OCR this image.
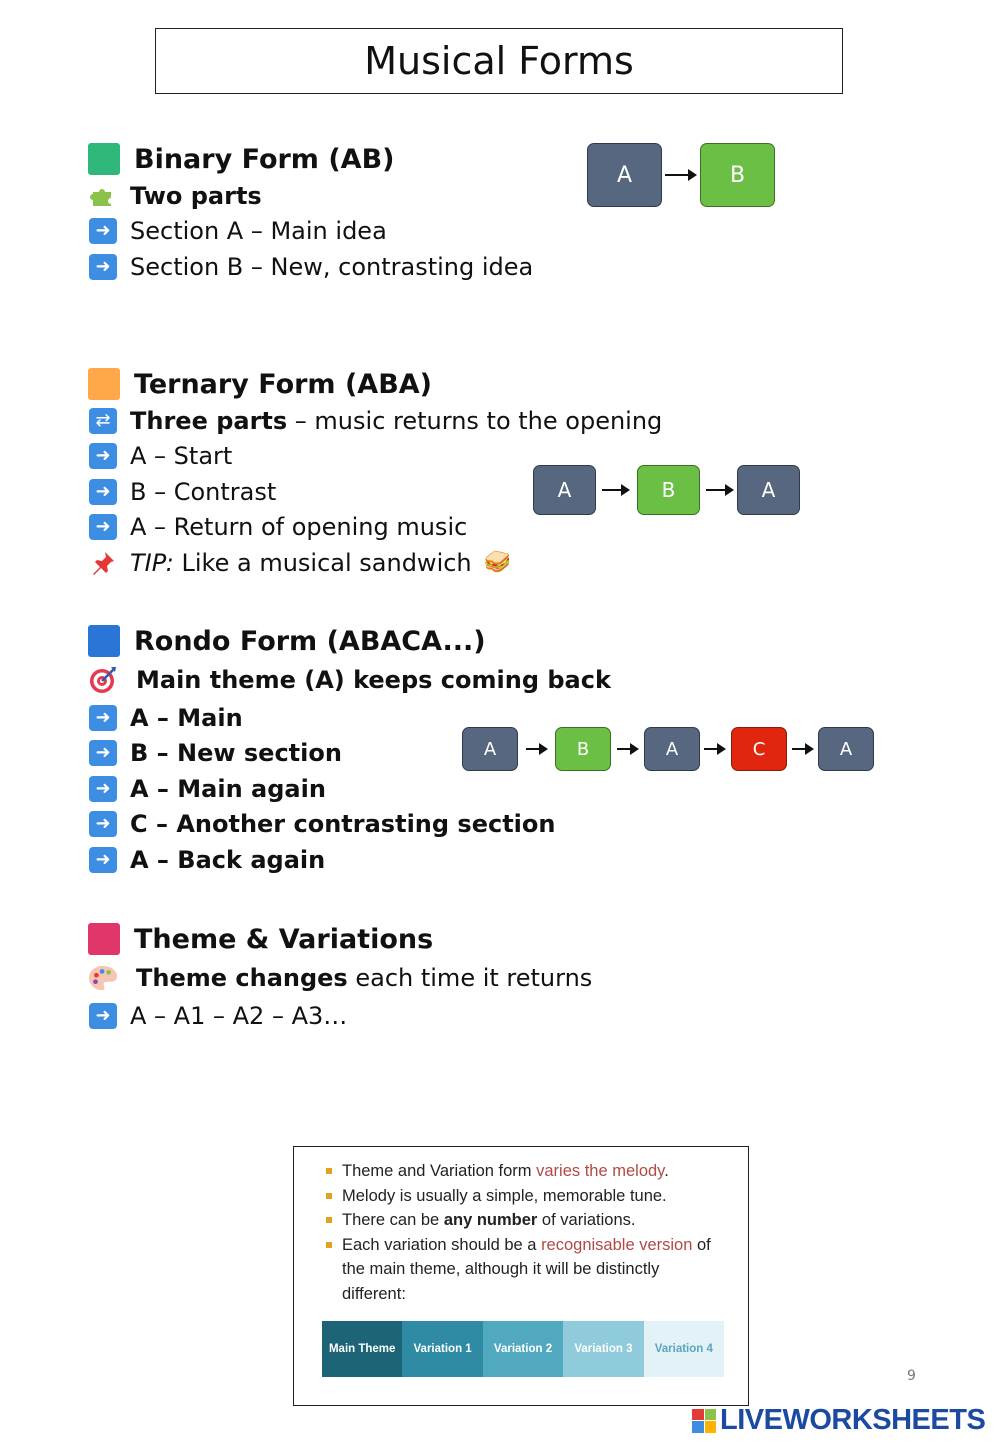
Musical Forms
Binary Form (AB)
Two parts
➜ Section A – Main idea
➜ Section B – New, contrasting idea
A	B
Ternary Form (ABA)
⇄ Three parts – music returns to the opening
➜ A – Start
➜ B – Contrast
➜ A – Return of opening music
TIP: Like a musical sandwich 🥪
A	B	A
Rondo Form (ABACA...)
Main theme (A) keeps coming back
➜ A – Main
➜ B – New section
➜ A – Main again
➜ C – Another contrasting section
➜ A – Back again
A	B	A	C	A
Theme & Variations
Theme changes each time it returns
➜ A – A1 – A2 – A3…
Theme and Variation form varies the melody.
Melody is usually a simple, memorable tune.
There can be any number of variations.
Each variation should be a recognisable version of the main theme, although it will be distinctly different:
Main Theme	Variation 1	Variation 2	Variation 3	Variation 4
9
LIVEWORKSHEETS
